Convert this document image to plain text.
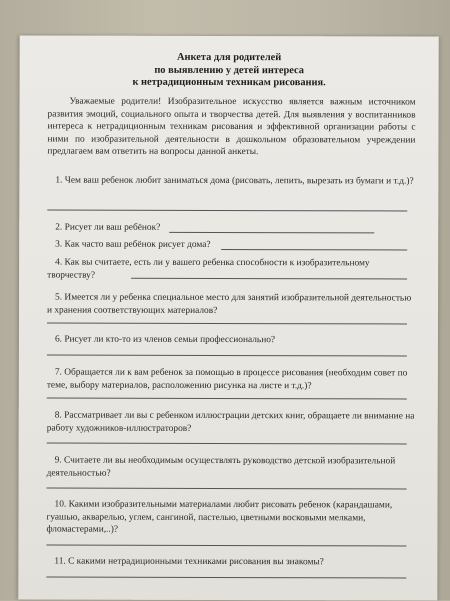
Анкета для родителей
по выявлению у детей интереса
к нетрадиционным техникам рисования.
Уважаемые родители! Изобразительное искусство является важным источником развития эмоций, социального опыта и творчества детей. Для выявления у воспитанников интереса к нетрадиционным техникам рисования и эффективной организации работы с ними по изобразительной деятельности в дошкольном образовательном учреждении предлагаем вам ответить на вопросы данной анкеты.
1. Чем ваш ребенок любит заниматься дома (рисовать, лепить, вырезать из бумаги и т.д.)?
2. Рисует ли ваш ребёнок?
3. Как часто ваш ребёнок рисует дома?
4. Как вы считаете, есть ли у вашего ребенка способности к изобразительному творчеству?
5. Имеется ли у ребенка специальное место для занятий изобразительной деятельностью и хранения соответствующих материалов?
6. Рисует ли кто-то из членов семьи профессионально?
7. Обращается ли к вам ребенок за помощью в процессе рисования (необходим совет по теме, выбору материалов, расположению рисунка на листе и т.д.)?
8. Рассматривает ли вы с ребенком иллюстрации детских книг, обращаете ли внимание на работу художников-иллюстраторов?
9. Считаете ли вы необходимым осуществлять руководство детской изобразительной деятельностью?
10. Какими изобразительными материалами любит рисовать ребенок (карандашами, гуашью, акварелью, углем, сангиной, пастелью, цветными восковыми мелками, фломастерами,..)?
11. С какими нетрадиционными техниками рисования вы знакомы?
